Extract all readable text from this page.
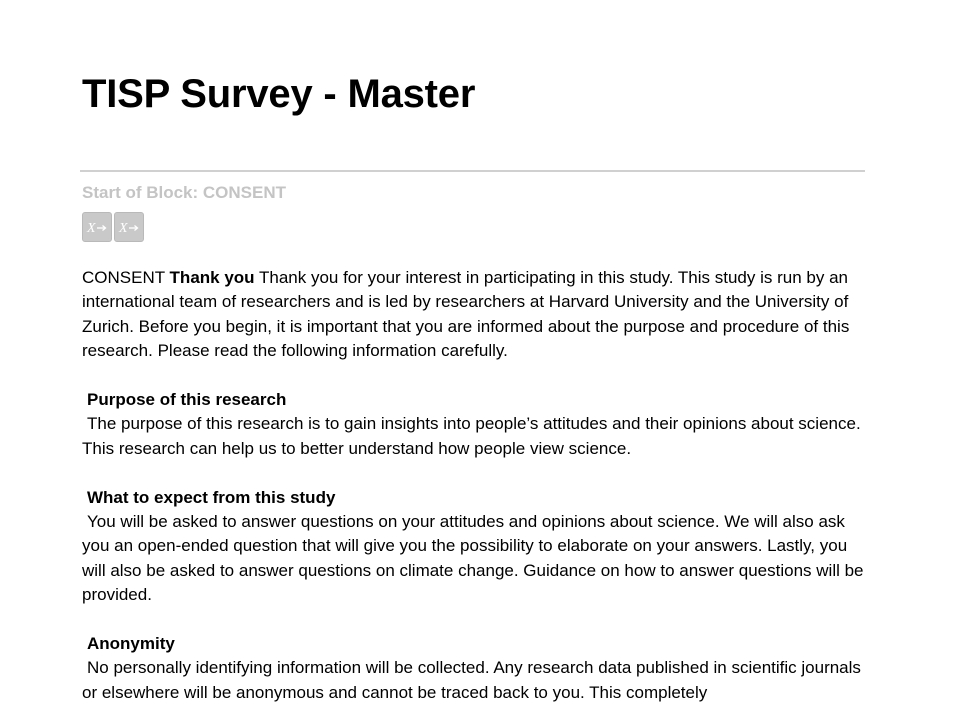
TISP Survey - Master
Start of Block: CONSENT
X X

CONSENT Thank you Thank you for your interest in participating in this study. This study is run by an international team of researchers and is led by researchers at Harvard University and the University of Zurich. Before you begin, it is important that you are informed about the purpose and procedure of this research. Please read the following information carefully.

Purpose of this research

The purpose of this research is to gain insights into people’s attitudes and their opinions about science. This research can help us to better understand how people view science.

What to expect from this study

You will be asked to answer questions on your attitudes and opinions about science. We will also ask you an open-ended question that will give you the possibility to elaborate on your answers. Lastly, you will also be asked to answer questions on climate change. Guidance on how to answer questions will be provided.

Anonymity

No personally identifying information will be collected. Any research data published in scientific journals or elsewhere will be anonymous and cannot be traced back to you. This completely
